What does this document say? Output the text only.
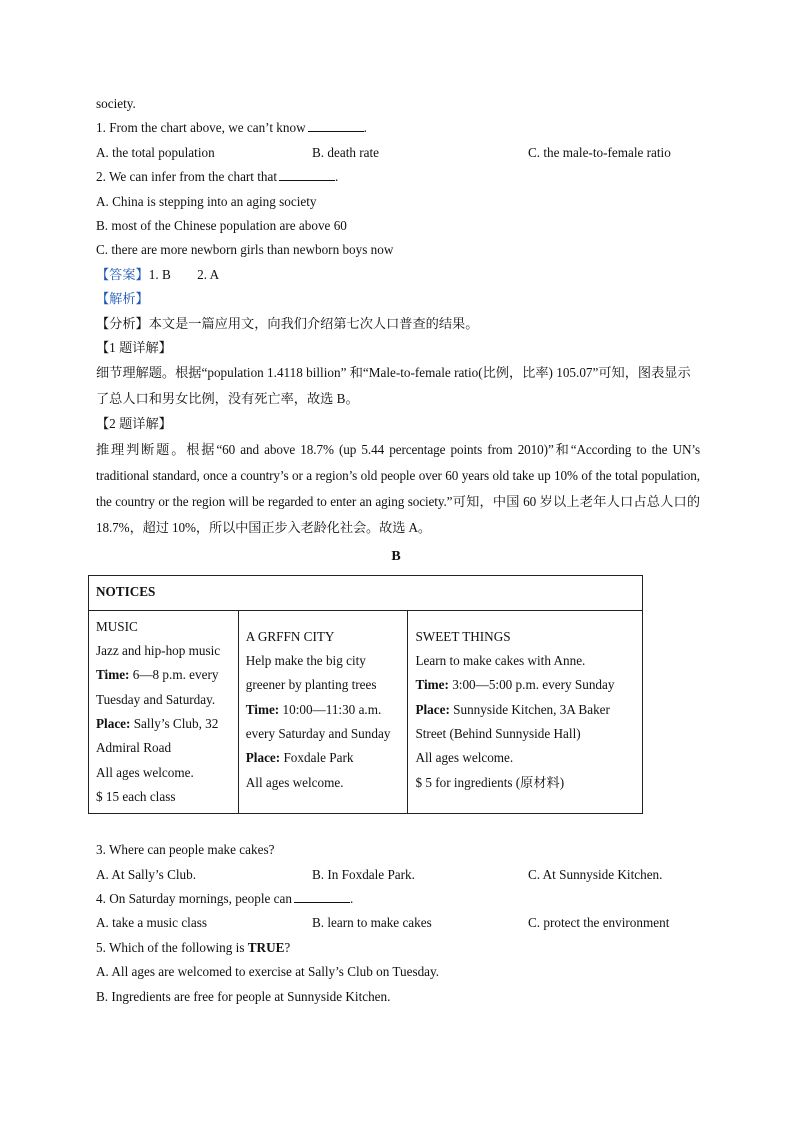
society.
1. From the chart above, we can’t know	.
A. the total population	B. death rate	C. the male-to-female ratio
2. We can infer from the chart that	.
A. China is stepping into an aging society
B. most of the Chinese population are above 60
C. there are more newborn girls than newborn boys now
【答案】1. B        2. A
【解析】
【分析】本文是一篇应用文，向我们介绍第七次人口普查的结果。
【1 题详解】
细节理解题。根据“population 1.4118 billion” 和“Male-to-female ratio(比例，比率) 105.07”可知，图表显示了总人口和男女比例，没有死亡率，故选 B。
【2 题详解】
推理判断题。根据“60 and above 18.7% (up 5.44 percentage points from 2010)”和“According to the UN’s traditional standard, once a country’s or a region’s old people over 60 years old take up 10% of the total population, the country or the region will be regarded to enter an aging society.”可知，中国 60 岁以上老年人口占总人口的 18.7%，超过 10%，所以中国正步入老龄化社会。故选 A。
B
NOTICES

MUSIC
Jazz and hip-hop music
Time: 6—8 p.m. every Tuesday and Saturday.
Place: Sally’s Club, 32 Admiral Road
All ages welcome.
$ 15 each class

A GRFFN CITY
Help make the big city greener by planting trees
Time: 10:00—11:30 a.m. every Saturday and Sunday
Place: Foxdale Park
All ages welcome.

SWEET THINGS
Learn to make cakes with Anne.
Time: 3:00—5:00 p.m. every Sunday
Place: Sunnyside Kitchen, 3A Baker Street (Behind Sunnyside Hall)
All ages welcome.
$ 5 for ingredients (原材料)
3. Where can people make cakes?
A. At Sally’s Club.	B. In Foxdale Park.	C. At Sunnyside Kitchen.
4. On Saturday mornings, people can	.
A. take a music class	B. learn to make cakes	C. protect the environment
5. Which of the following is TRUE?
A. All ages are welcomed to exercise at Sally’s Club on Tuesday.
B. Ingredients are free for people at Sunnyside Kitchen.
